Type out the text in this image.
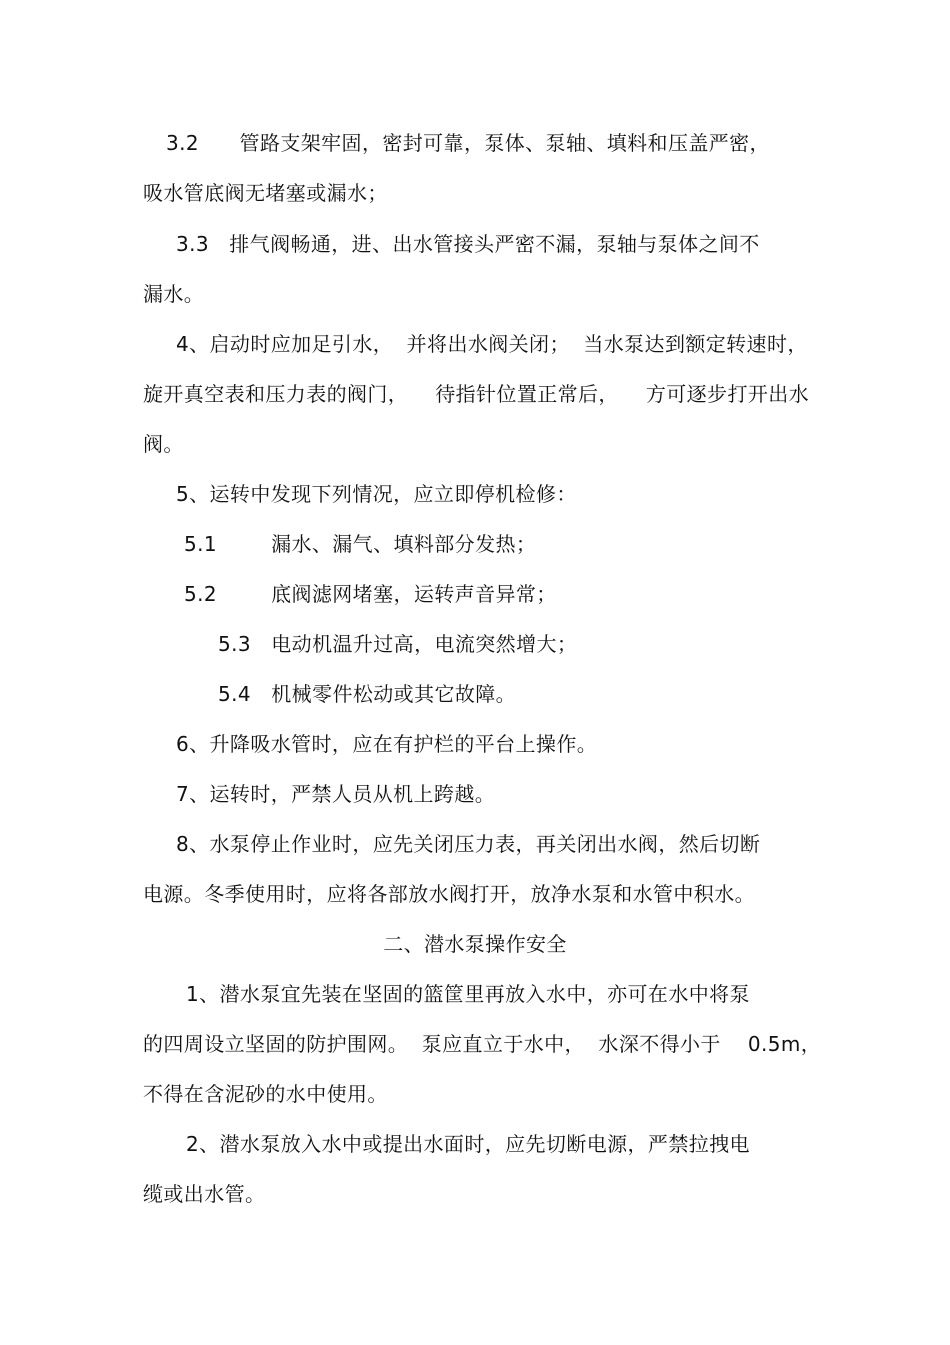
3.2      管路支架牢固，密封可靠，泵体、泵轴、填料和压盖严密，
吸水管底阀无堵塞或漏水；
3.3   排气阀畅通，进、出水管接头严密不漏，泵轴与泵体之间不
漏水。
4、启动时应加足引水，  并将出水阀关闭；  当水泵达到额定转速时，
旋开真空表和压力表的阀门，    待指针位置正常后，    方可逐步打开出水
阀。
5、运转中发现下列情况，应立即停机检修：
5.1        漏水、漏气、填料部分发热；
5.2        底阀滤网堵塞，运转声音异常；
5.3   电动机温升过高，电流突然增大；
5.4   机械零件松动或其它故障。
6、升降吸水管时，应在有护栏的平台上操作。
7、运转时，严禁人员从机上跨越。
8、水泵停止作业时，应先关闭压力表，再关闭出水阀，然后切断
电源。冬季使用时，应将各部放水阀打开，放净水泵和水管中积水。
二、潜水泵操作安全
1、潜水泵宜先装在坚固的篮筐里再放入水中，亦可在水中将泵
的四周设立坚固的防护围网。  泵应直立于水中，  水深不得小于    0.5m，
不得在含泥砂的水中使用。
2、潜水泵放入水中或提出水面时，应先切断电源，严禁拉拽电
缆或出水管。
